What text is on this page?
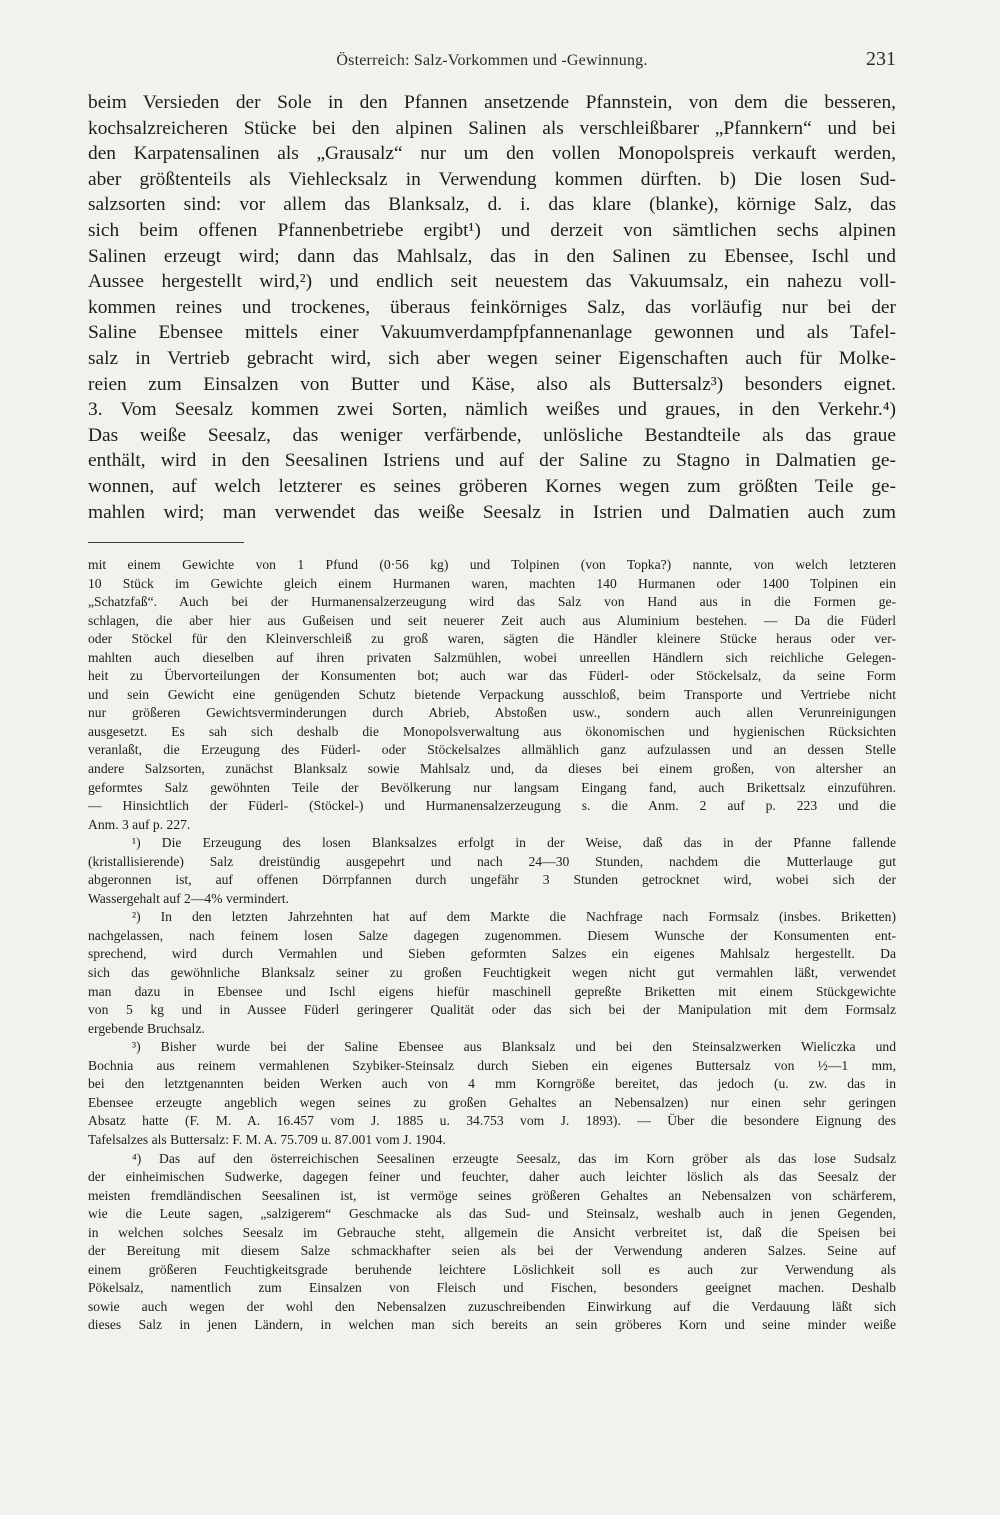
Österreich: Salz-Vorkommen und -Gewinnung.	231
beim Versieden der Sole in den Pfannen ansetzende Pfannstein, von dem die besseren,
kochsalzreicheren Stücke bei den alpinen Salinen als verschleißbarer „Pfannkern“ und bei
den Karpatensalinen als „Grausalz“ nur um den vollen Monopolspreis verkauft werden,
aber größtenteils als Viehlecksalz in Verwendung kommen dürften. b) Die losen Sud-
salzsorten sind: vor allem das Blanksalz, d. i. das klare (blanke), körnige Salz, das
sich beim offenen Pfannenbetriebe ergibt¹) und derzeit von sämtlichen sechs alpinen
Salinen erzeugt wird; dann das Mahlsalz, das in den Salinen zu Ebensee, Ischl und
Aussee hergestellt wird,²) und endlich seit neuestem das Vakuumsalz, ein nahezu voll-
kommen reines und trockenes, überaus feinkörniges Salz, das vorläufig nur bei der
Saline Ebensee mittels einer Vakuumverdampfpfannenanlage gewonnen und als Tafel-
salz in Vertrieb gebracht wird, sich aber wegen seiner Eigenschaften auch für Molke-
reien zum Einsalzen von Butter und Käse, also als Buttersalz³) besonders eignet.
3. Vom Seesalz kommen zwei Sorten, nämlich weißes und graues, in den Verkehr.⁴)
Das weiße Seesalz, das weniger verfärbende, unlösliche Bestandteile als das graue
enthält, wird in den Seesalinen Istriens und auf der Saline zu Stagno in Dalmatien ge-
wonnen, auf welch letzterer es seines gröberen Kornes wegen zum größten Teile ge-
mahlen wird; man verwendet das weiße Seesalz in Istrien und Dalmatien auch zum
mit einem Gewichte von 1 Pfund (0·56 kg) und Tolpinen (von Topka?) nannte, von welch letzteren
10 Stück im Gewichte gleich einem Hurmanen waren, machten 140 Hurmanen oder 1400 Tolpinen ein
„Schatzfaß“. Auch bei der Hurmanensalzerzeugung wird das Salz von Hand aus in die Formen ge-
schlagen, die aber hier aus Gußeisen und seit neuerer Zeit auch aus Aluminium bestehen. — Da die Füderl
oder Stöckel für den Kleinverschleiß zu groß waren, sägten die Händler kleinere Stücke heraus oder ver-
mahlten auch dieselben auf ihren privaten Salzmühlen, wobei unreellen Händlern sich reichliche Gelegen-
heit zu Übervorteilungen der Konsumenten bot; auch war das Füderl- oder Stöckelsalz, da seine Form
und sein Gewicht eine genügenden Schutz bietende Verpackung ausschloß, beim Transporte und Vertriebe nicht
nur größeren Gewichtsverminderungen durch Abrieb, Abstoßen usw., sondern auch allen Verunreinigungen
ausgesetzt. Es sah sich deshalb die Monopolsverwaltung aus ökonomischen und hygienischen Rücksichten
veranlaßt, die Erzeugung des Füderl- oder Stöckelsalzes allmählich ganz aufzulassen und an dessen Stelle
andere Salzsorten, zunächst Blanksalz sowie Mahlsalz und, da dieses bei einem großen, von altersher an
geformtes Salz gewöhnten Teile der Bevölkerung nur langsam Eingang fand, auch Brikettsalz einzuführen.
— Hinsichtlich der Füderl- (Stöckel-) und Hurmanensalzerzeugung s. die Anm. 2 auf p. 223 und die
Anm. 3 auf p. 227.
¹) Die Erzeugung des losen Blanksalzes erfolgt in der Weise, daß das in der Pfanne fallende
(kristallisierende) Salz dreistündig ausgepehrt und nach 24—30 Stunden, nachdem die Mutterlauge gut
abgeronnen ist, auf offenen Dörrpfannen durch ungefähr 3 Stunden getrocknet wird, wobei sich der
Wassergehalt auf 2—4% vermindert.
²) In den letzten Jahrzehnten hat auf dem Markte die Nachfrage nach Formsalz (insbes. Briketten)
nachgelassen, nach feinem losen Salze dagegen zugenommen. Diesem Wunsche der Konsumenten ent-
sprechend, wird durch Vermahlen und Sieben geformten Salzes ein eigenes Mahlsalz hergestellt. Da
sich das gewöhnliche Blanksalz seiner zu großen Feuchtigkeit wegen nicht gut vermahlen läßt, verwendet
man dazu in Ebensee und Ischl eigens hiefür maschinell gepreßte Briketten mit einem Stückgewichte
von 5 kg und in Aussee Füderl geringerer Qualität oder das sich bei der Manipulation mit dem Formsalz
ergebende Bruchsalz.
³) Bisher wurde bei der Saline Ebensee aus Blanksalz und bei den Steinsalzwerken Wieliczka und
Bochnia aus reinem vermahlenen Szybiker-Steinsalz durch Sieben ein eigenes Buttersalz von ½—1 mm,
bei den letztgenannten beiden Werken auch von 4 mm Korngröße bereitet, das jedoch (u. zw. das in
Ebensee erzeugte angeblich wegen seines zu großen Gehaltes an Nebensalzen) nur einen sehr geringen
Absatz hatte (F. M. A. 16.457 vom J. 1885 u. 34.753 vom J. 1893). — Über die besondere Eignung des
Tafelsalzes als Buttersalz: F. M. A. 75.709 u. 87.001 vom J. 1904.
⁴) Das auf den österreichischen Seesalinen erzeugte Seesalz, das im Korn gröber als das lose Sudsalz
der einheimischen Sudwerke, dagegen feiner und feuchter, daher auch leichter löslich als das Seesalz der
meisten fremdländischen Seesalinen ist, ist vermöge seines größeren Gehaltes an Nebensalzen von schärferem,
wie die Leute sagen, „salzigerem“ Geschmacke als das Sud- und Steinsalz, weshalb auch in jenen Gegenden,
in welchen solches Seesalz im Gebrauche steht, allgemein die Ansicht verbreitet ist, daß die Speisen bei
der Bereitung mit diesem Salze schmackhafter seien als bei der Verwendung anderen Salzes. Seine auf
einem größeren Feuchtigkeitsgrade beruhende leichtere Löslichkeit soll es auch zur Verwendung als
Pökelsalz, namentlich zum Einsalzen von Fleisch und Fischen, besonders geeignet machen. Deshalb
sowie auch wegen der wohl den Nebensalzen zuzuschreibenden Einwirkung auf die Verdauung läßt sich
dieses Salz in jenen Ländern, in welchen man sich bereits an sein gröberes Korn und seine minder weiße
